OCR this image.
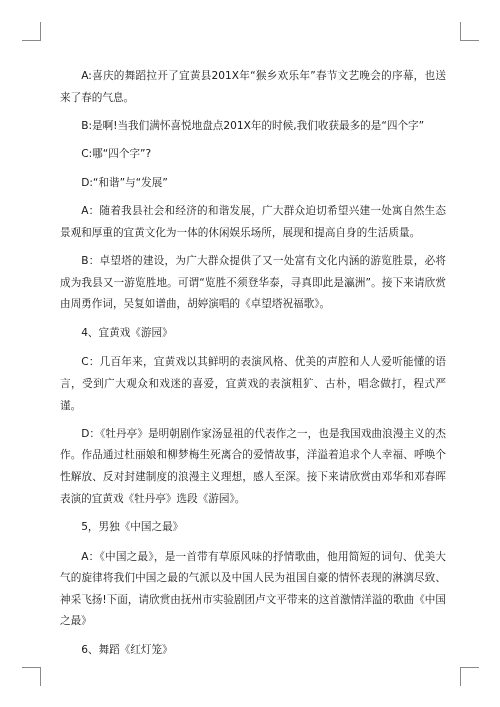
A:喜庆的舞蹈拉开了宜黄县201X年“猴乡欢乐年”春节文艺晚会的序幕，也送来了春的气息。

B:是啊!当我们满怀喜悦地盘点201X年的时候,我们收获最多的是“四个字”

C:哪“四个字”?

D:“和谐”与“发展”

A：随着我县社会和经济的和谐发展，广大群众迫切希望兴建一处寓自然生态景观和厚重的宜黄文化为一体的休闲娱乐场所，展现和提高自身的生活质量。

B：卓望塔的建设，为广大群众提供了又一处富有文化内涵的游览胜景，必将成为我县又一游览胜地。可谓“览胜不须登华泰，寻真即此是瀛洲”。接下来请欣赏由周勇作词，吴复如谱曲，胡婷演唱的《卓望塔祝福歌》。

4、宜黄戏《游园》

C：几百年来，宜黄戏以其鲜明的表演风格、优美的声腔和人人爱听能懂的语言，受到广大观众和戏迷的喜爱，宜黄戏的表演粗犷、古朴，唱念做打，程式严谨。

D：《牡丹亭》是明朝剧作家汤显祖的代表作之一，也是我国戏曲浪漫主义的杰作。作品通过杜丽娘和柳梦梅生死离合的爱情故事，洋溢着追求个人幸福、呼唤个性解放、反对封建制度的浪漫主义理想，感人至深。接下来请欣赏由邓华和邓春晖表演的宜黄戏《牡丹亭》选段《游园》。

5，男独《中国之最》

A：《中国之最》，是一首带有草原风味的抒情歌曲，他用简短的词句、优美大气的旋律将我们中国之最的气派以及中国人民为祖国自豪的情怀表现的淋漓尽致、神采飞扬!下面，请欣赏由抚州市实验剧团卢文平带来的这首激情洋溢的歌曲《中国之最》

6、舞蹈《红灯笼》
